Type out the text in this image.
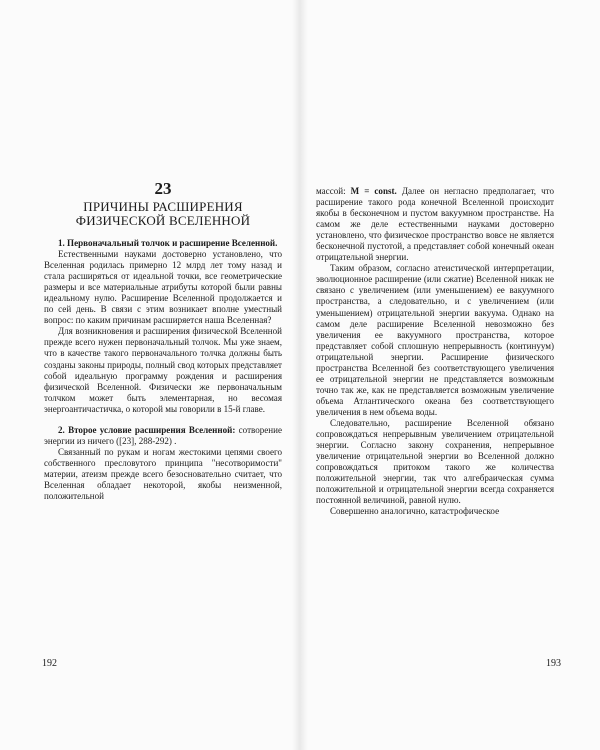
23
ПРИЧИНЫ РАСШИРЕНИЯ
ФИЗИЧЕСКОЙ ВСЕЛЕННОЙ

1. Первоначальный толчок и расширение Вселенной.

Естественными науками достоверно установлено, что Вселенная родилась примерно 12 млрд лет тому назад и стала расширяться от идеальной точки, все геометрические размеры и все материальные атрибуты которой были равны идеальному нулю. Расширение Вселенной продолжается и по сей день. В связи с этим возникает вполне уместный вопрос: по каким причинам расширяется наша Вселенная?

Для возникновения и расширения физической Вселенной прежде всего нужен первоначальный толчок. Мы уже знаем, что в качестве такого первоначального толчка должны быть созданы законы природы, полный свод которых представляет собой идеальную программу рождения и расширения физической Вселенной. Физически же первоначальным толчком может быть элементарная, но весомая энергоантичастичка, о которой мы говорили в 15-й главе.

2. Второе условие расширения Вселенной: сотворение энергии из ничего ([23], 288-292) .

Связанный по рукам и ногам жестокими цепями своего собственного пресловутого принципа "несотворимости" материи, атеизм прежде всего безосновательно считает, что Вселенная обладает некоторой, якобы неизменной, положительной

192

массой: M = const. Далее он негласно предполагает, что расширение такого рода конечной Вселенной происходит якобы в бесконечном и пустом вакуумном пространстве. На самом же деле естественными науками достоверно установлено, что физическое пространство вовсе не является бесконечной пустотой, а представляет собой конечный океан отрицательной энергии.

Таким образом, согласно атеистической интерпретации, эволюционное расширение (или сжатие) Вселенной никак не связано с увеличением (или уменьшением) ее вакуумного пространства, а следовательно, и с увеличением (или уменьшением) отрицательной энергии вакуума. Однако на самом деле расширение Вселенной невозможно без увеличения ее вакуумного пространства, которое представляет собой сплошную непрерывность (континуум) отрицательной энергии. Расширение физического пространства Вселенной без соответствующего увеличения ее отрицательной энергии не представляется возможным точно так же, как не представляется возможным увеличение объема Атлантического океана без соответствующего увеличения в нем объема воды.

Следовательно, расширение Вселенной обязано сопровождаться непрерывным увеличением отрицательной энергии. Согласно закону сохранения, непрерывное увеличение отрицательной энергии во Вселенной должно сопровождаться притоком такого же количества положительной энергии, так что алгебраическая сумма положительной и отрицательной энергии всегда сохраняется постоянной величиной, равной нулю.

Совершенно аналогично, катастрофическое

193
